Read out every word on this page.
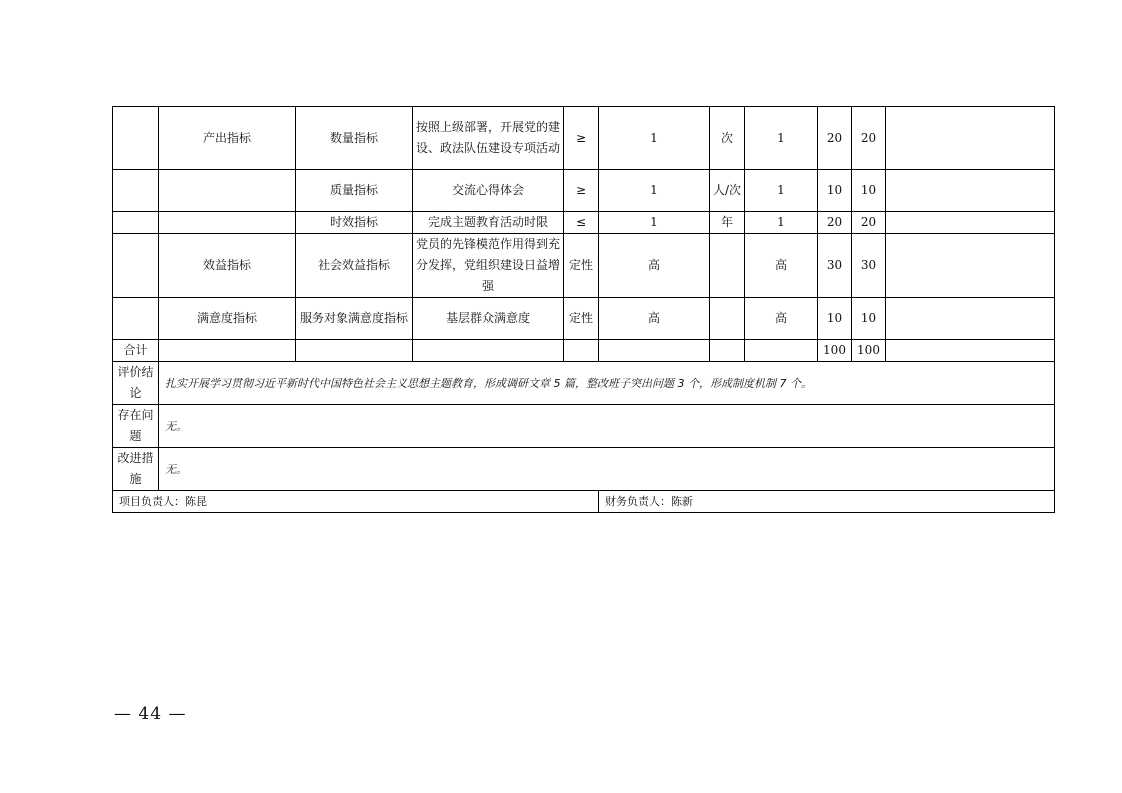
	产出指标	数量指标	按照上级部署，开展党的建设、政法队伍建设专项活动	≥	1	次	1	20	20	
		质量指标	交流心得体会	≥	1	人/次	1	10	10	
		时效指标	完成主题教育活动时限	≤	1	年	1	20	20	
	效益指标	社会效益指标	党员的先锋模范作用得到充分发挥，党组织建设日益增强	定性	高		高	30	30	
	满意度指标	服务对象满意度指标	基层群众满意度	定性	高		高	10	10	
合计								100	100	
评价结论	扎实开展学习贯彻习近平新时代中国特色社会主义思想主题教育，形成调研文章 5 篇，整改班子突出问题 3 个，形成制度机制 7 个。									
存在问题	无。									
改进措施	无。									
项目负责人：陈昆					财务负责人：陈新					
— 44 —
